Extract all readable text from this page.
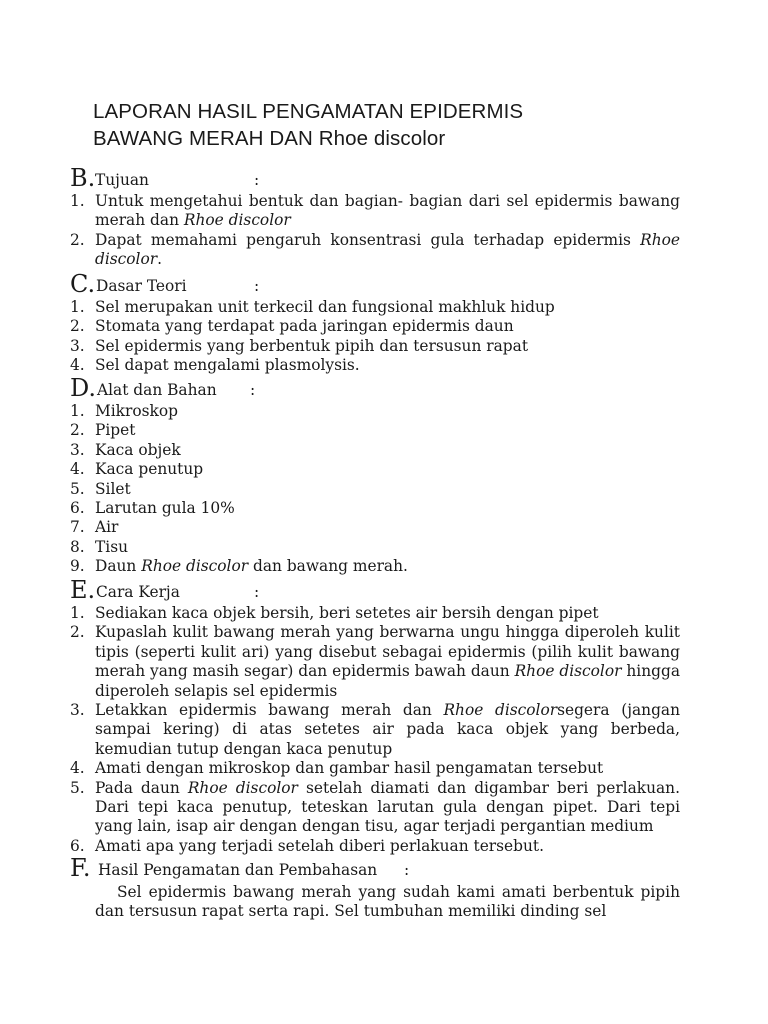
LAPORAN HASIL PENGAMATAN EPIDERMIS
BAWANG MERAH DAN Rhoe discolor
B. Tujuan	:
1. Untuk mengetahui bentuk dan bagian- bagian dari sel epidermis bawang merah dan Rhoe discolor
2. Dapat memahami pengaruh konsentrasi gula terhadap epidermis Rhoe discolor.
C. Dasar Teori	:
1. Sel merupakan unit terkecil dan fungsional makhluk hidup
2. Stomata yang terdapat pada jaringan epidermis daun
3. Sel epidermis yang berbentuk pipih dan tersusun rapat
4. Sel dapat mengalami plasmolysis.
D. Alat dan Bahan :
1. Mikroskop
2. Pipet
3. Kaca objek
4. Kaca penutup
5. Silet
6. Larutan gula 10%
7. Air
8. Tisu
9. Daun Rhoe discolor dan bawang merah.
E. Cara Kerja	:
1. Sediakan kaca objek bersih, beri setetes air bersih dengan pipet
2. Kupaslah kulit bawang merah yang berwarna ungu hingga diperoleh kulit tipis (seperti kulit ari) yang disebut sebagai epidermis (pilih kulit bawang merah yang masih segar) dan epidermis bawah daun Rhoe discolor hingga diperoleh selapis sel epidermis
3. Letakkan epidermis bawang merah dan Rhoe discolorsegera (jangan sampai kering) di atas setetes air pada kaca objek yang berbeda, kemudian tutup dengan kaca penutup
4. Amati dengan mikroskop dan gambar hasil pengamatan tersebut
5. Pada daun Rhoe discolor setelah diamati dan digambar beri perlakuan. Dari tepi kaca penutup, teteskan larutan gula dengan pipet. Dari tepi yang lain, isap air dengan dengan tisu, agar terjadi pergantian medium
6. Amati apa yang terjadi setelah diberi perlakuan tersebut.
F. Hasil Pengamatan dan Pembahasan :
Sel epidermis bawang merah yang sudah kami amati berbentuk pipih dan tersusun rapat serta rapi. Sel tumbuhan memiliki dinding sel
